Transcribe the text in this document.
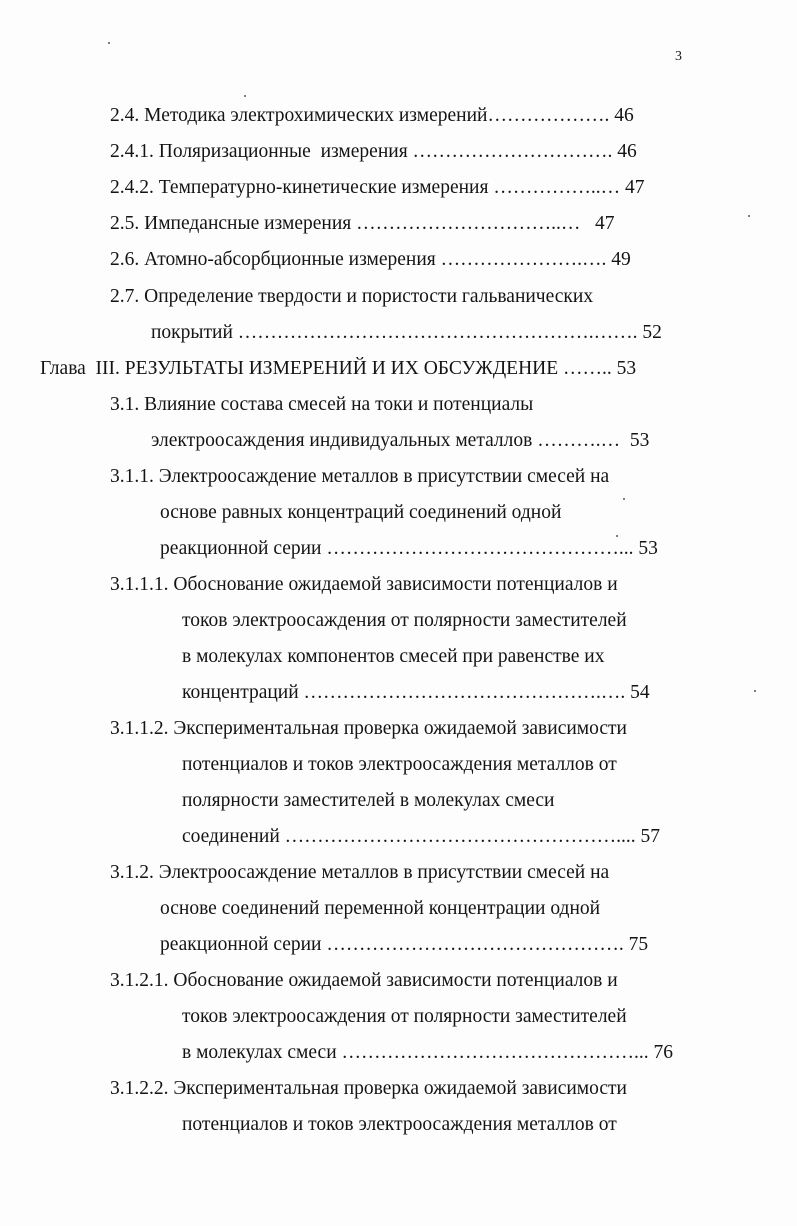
3
2.4. Методика электрохимических измерений………………. 46
2.4.1. Поляризационные  измерения …………………………. 46
2.4.2. Температурно-кинетические измерения ……………..… 47
2.5. Импедансные измерения …………………………..…   47
2.6. Атомно-абсорбционные измерения ………………….…. 49
2.7. Определение твердости и пористости гальванических
покрытий ……………………………………………….……. 52
Глава  III. РЕЗУЛЬТАТЫ ИЗМЕРЕНИЙ И ИХ ОБСУЖДЕНИЕ …….. 53
3.1. Влияние состава смесей на токи и потенциалы
электроосаждения индивидуальных металлов ……….…  53
3.1.1. Электроосаждение металлов в присутствии смесей на
основе равных концентраций соединений одной
реакционной серии ………………………………………... 53
3.1.1.1. Обоснование ожидаемой зависимости потенциалов и
токов электроосаждения от полярности заместителей
в молекулах компонентов смесей при равенстве их
концентраций ……………………………………….…. 54
3.1.1.2. Экспериментальная проверка ожидаемой зависимости
потенциалов и токов электроосаждения металлов от
полярности заместителей в молекулах смеси
соединений …………………………………………….... 57
3.1.2. Электроосаждение металлов в присутствии смесей на
основе соединений переменной концентрации одной
реакционной серии ………………………………………. 75
3.1.2.1. Обоснование ожидаемой зависимости потенциалов и
токов электроосаждения от полярности заместителей
в молекулах смеси ………………………………………... 76
3.1.2.2. Экспериментальная проверка ожидаемой зависимости
потенциалов и токов электроосаждения металлов от
